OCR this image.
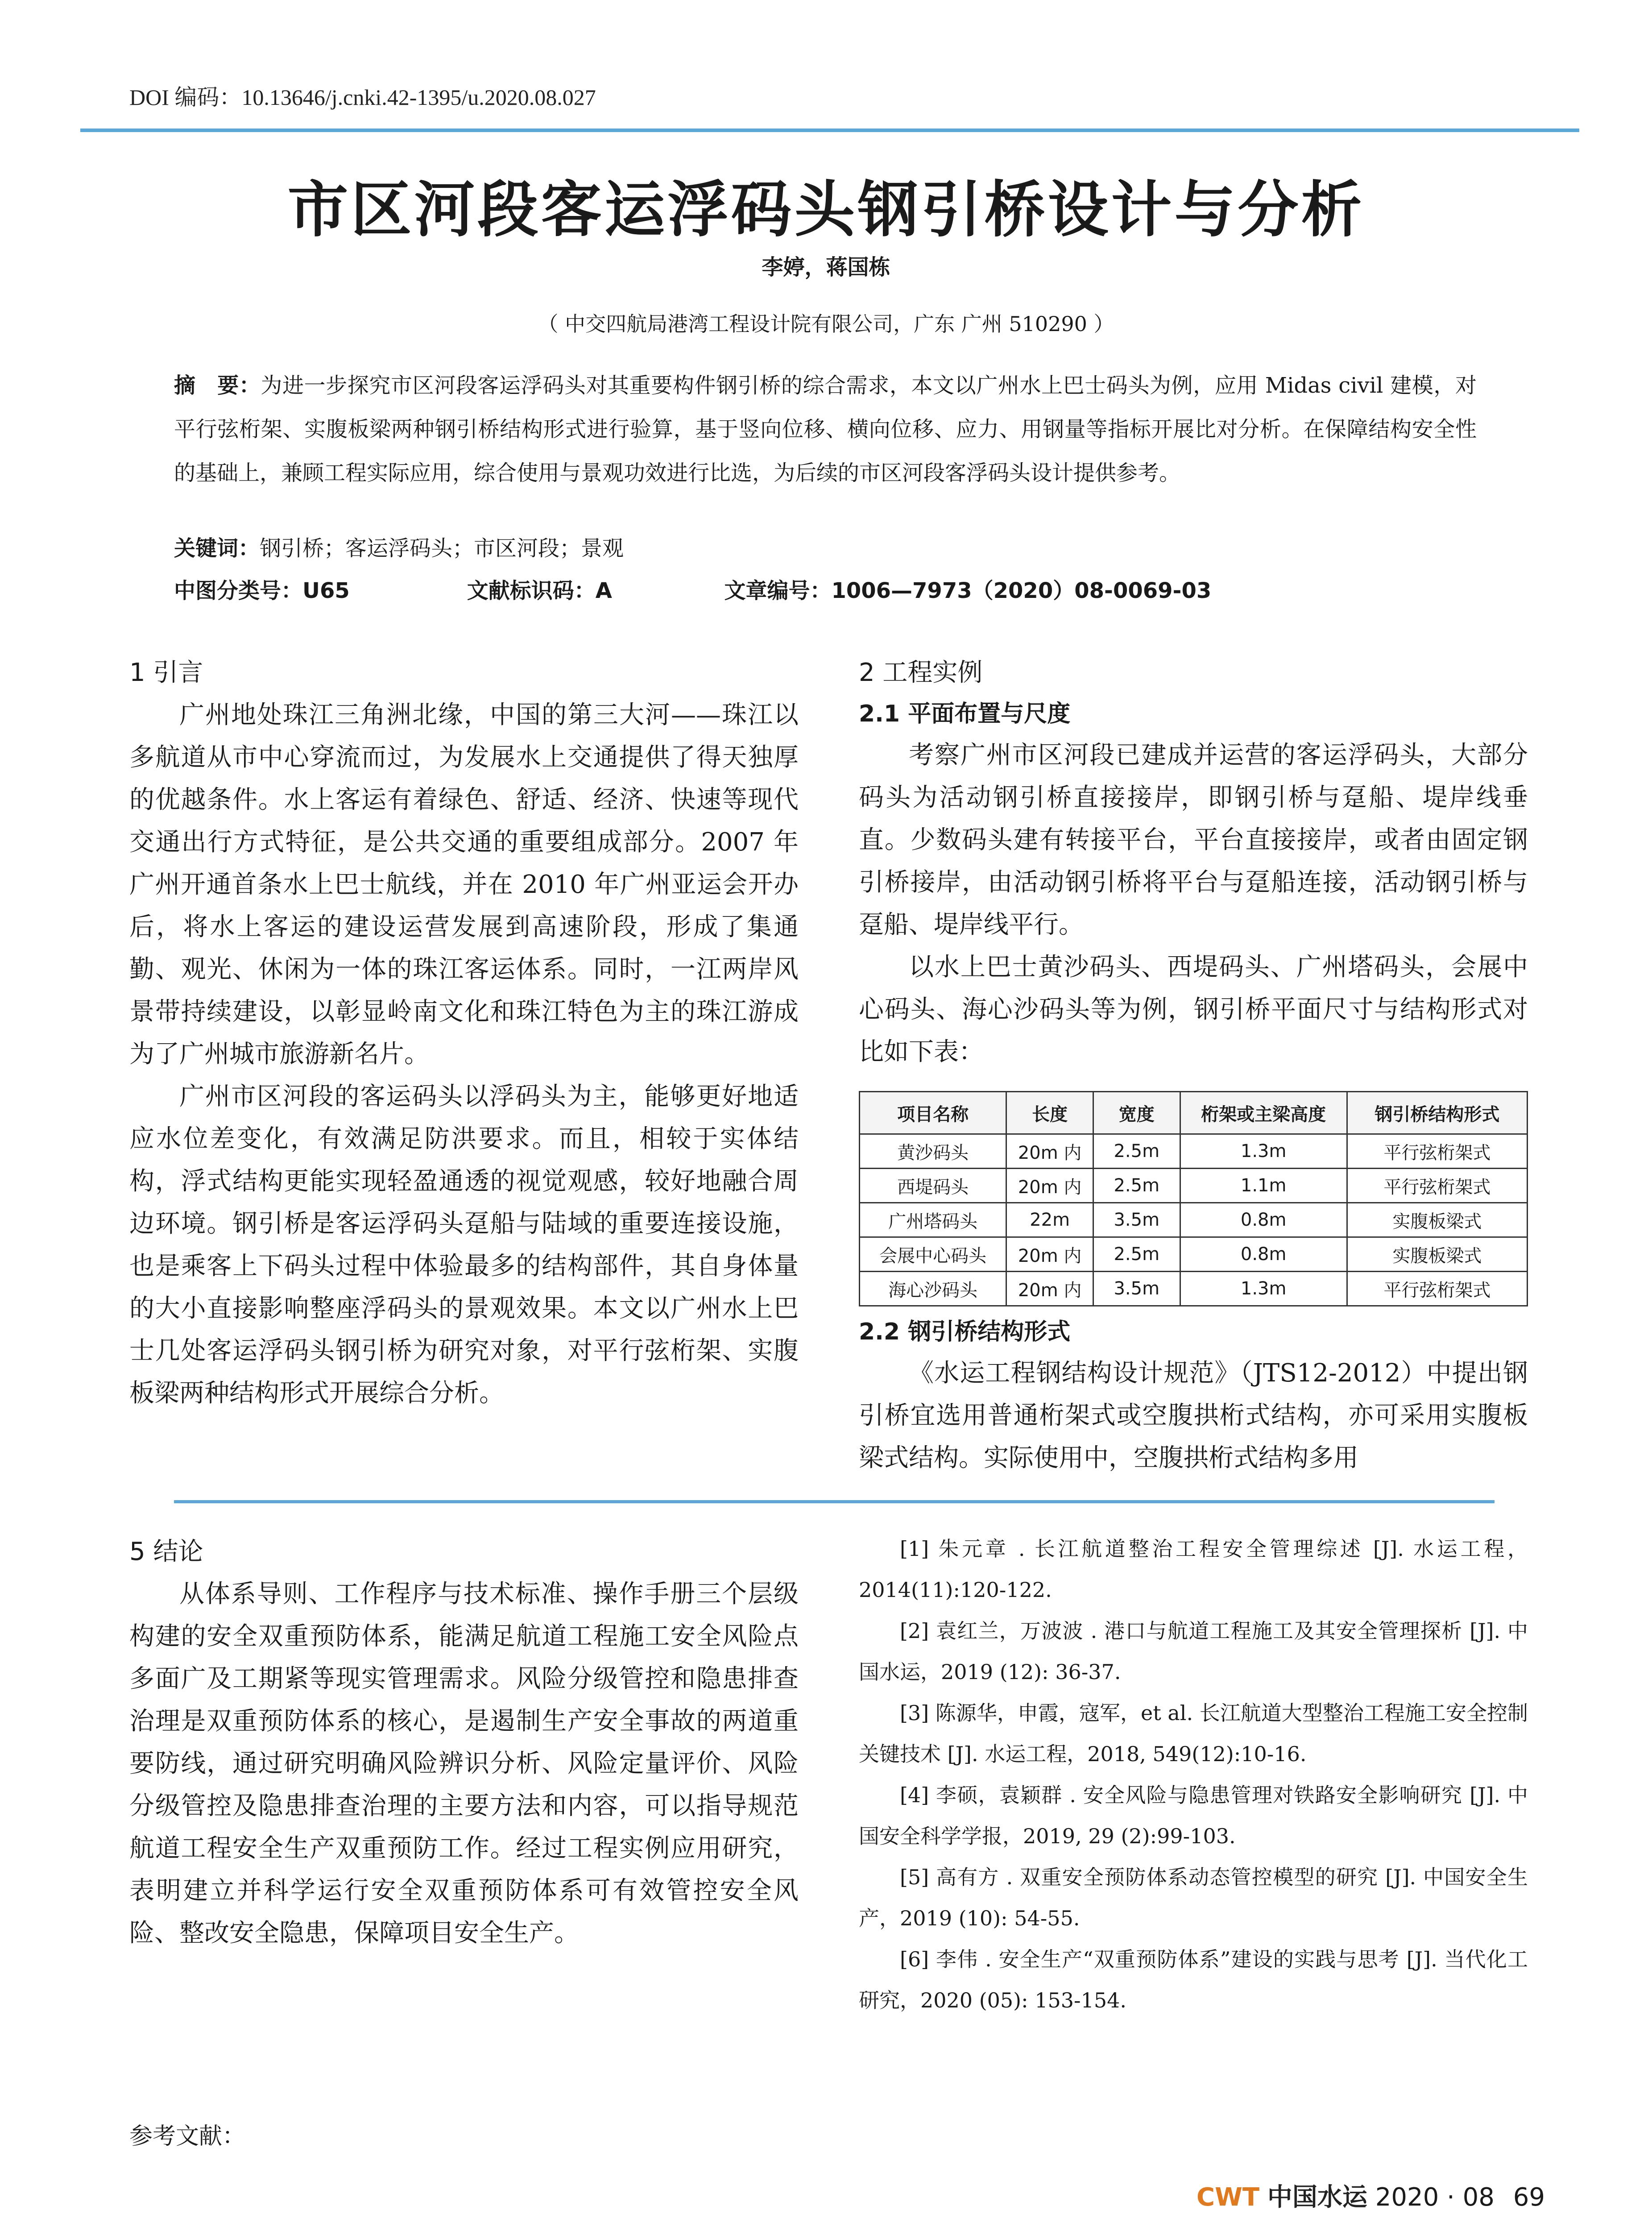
DOI 编码：10.13646/j.cnki.42-1395/u.2020.08.027
市区河段客运浮码头钢引桥设计与分析
李婷，蒋国栋
（ 中交四航局港湾工程设计院有限公司，广东 广州 510290 ）
摘　要：为进一步探究市区河段客运浮码头对其重要构件钢引桥的综合需求，本文以广州水上巴士码头为例，应用 Midas civil 建模，对平行弦桁架、实腹板梁两种钢引桥结构形式进行验算，基于竖向位移、横向位移、应力、用钢量等指标开展比对分析。在保障结构安全性的基础上，兼顾工程实际应用，综合使用与景观功效进行比选，为后续的市区河段客浮码头设计提供参考。
关键词：钢引桥；客运浮码头；市区河段；景观
中图分类号：U65	文献标识码：A	文章编号：1006—7973（2020）08-0069-03
1 引言

广州地处珠江三角洲北缘，中国的第三大河——珠江以多航道从市中心穿流而过，为发展水上交通提供了得天独厚的优越条件。水上客运有着绿色、舒适、经济、快速等现代交通出行方式特征，是公共交通的重要组成部分。2007 年广州开通首条水上巴士航线，并在 2010 年广州亚运会开办后，将水上客运的建设运营发展到高速阶段，形成了集通勤、观光、休闲为一体的珠江客运体系。同时，一江两岸风景带持续建设，以彰显岭南文化和珠江特色为主的珠江游成为了广州城市旅游新名片。

广州市区河段的客运码头以浮码头为主，能够更好地适应水位差变化，有效满足防洪要求。而且，相较于实体结构，浮式结构更能实现轻盈通透的视觉观感，较好地融合周边环境。钢引桥是客运浮码头趸船与陆域的重要连接设施，也是乘客上下码头过程中体验最多的结构部件，其自身体量的大小直接影响整座浮码头的景观效果。本文以广州水上巴士几处客运浮码头钢引桥为研究对象，对平行弦桁架、实腹板梁两种结构形式开展综合分析。

2 工程实例
2.1 平面布置与尺度

考察广州市区河段已建成并运营的客运浮码头，大部分码头为活动钢引桥直接接岸，即钢引桥与趸船、堤岸线垂直。少数码头建有转接平台，平台直接接岸，或者由固定钢引桥接岸，由活动钢引桥将平台与趸船连接，活动钢引桥与趸船、堤岸线平行。

以水上巴士黄沙码头、西堤码头、广州塔码头，会展中心码头、海心沙码头等为例，钢引桥平面尺寸与结构形式对比如下表：

项目名称	长度	宽度	桁架或主梁高度	钢引桥结构形式
黄沙码头	20m 内	2.5m	1.3m	平行弦桁架式
西堤码头	20m 内	2.5m	1.1m	平行弦桁架式
广州塔码头	22m	3.5m	0.8m	实腹板梁式
会展中心码头	20m 内	2.5m	0.8m	实腹板梁式
海心沙码头	20m 内	3.5m	1.3m	平行弦桁架式
2.2 钢引桥结构形式

《水运工程钢结构设计规范》（JTS12-2012）中提出钢引桥宜选用普通桁架式或空腹拱桁式结构，亦可采用实腹板梁式结构。实际使用中，空腹拱桁式结构多用

5 结论

从体系导则、工作程序与技术标准、操作手册三个层级构建的安全双重预防体系，能满足航道工程施工安全风险点多面广及工期紧等现实管理需求。风险分级管控和隐患排查治理是双重预防体系的核心，是遏制生产安全事故的两道重要防线，通过研究明确风险辨识分析、风险定量评价、风险分级管控及隐患排查治理的主要方法和内容，可以指导规范航道工程安全生产双重预防工作。经过工程实例应用研究，表明建立并科学运行安全双重预防体系可有效管控安全风险、整改安全隐患，保障项目安全生产。

[1] 朱元章 . 长江航道整治工程安全管理综述 [J]. 水运工程，2014(11):120-122.

[2] 袁红兰，万波波 . 港口与航道工程施工及其安全管理探析 [J]. 中国水运，2019 (12): 36-37.

[3] 陈源华，申霞，寇军，et al. 长江航道大型整治工程施工安全控制关键技术 [J]. 水运工程，2018, 549(12):10-16.

[4] 李硕，袁颖群 . 安全风险与隐患管理对铁路安全影响研究 [J]. 中国安全科学学报，2019, 29 (2):99-103.

[5] 高有方 . 双重安全预防体系动态管控模型的研究 [J]. 中国安全生产，2019 (10): 54-55.

[6] 李伟 . 安全生产“双重预防体系”建设的实践与思考 [J]. 当代化工研究，2020 (05): 153-154.

参考文献：
CWT 中国水运 2020 · 08 69
